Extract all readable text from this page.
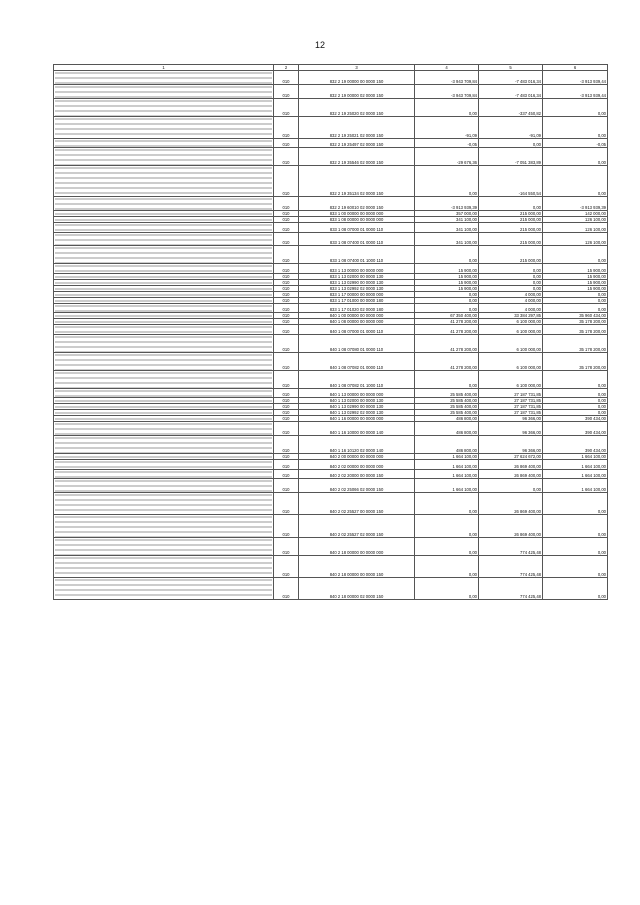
12
1	2	3	4	5	6

	010	832 2 19 00000 00 0000 150	-3 943 709,84	-7 483 016,34	-3 913 939,44

	010	832 2 19 00000 02 0000 150	-3 943 709,84	-7 483 016,34	-3 913 939,44

	010	832 2 19 25020 02 0000 150	0,00	-337 450,82	0,00

	010	832 2 19 25021 02 0000 150	-91,09	-91,09	0,00

	010	832 2 19 25497 02 0000 150	-0,05	0,00	-0,05

	010	832 2 19 35546 02 0000 150	-29 676,36	-7 051 383,89	0,00

	010	832 2 19 35134 02 0000 150	0,00	-164 550,54	0,00

	010	832 2 19 60010 02 0000 150	-3 913 939,39	0,00	-3 913 939,39

	010	833 1 00 00000 00 0000 000	357 000,00	215 000,00	142 000,00

	010	833 1 08 00000 00 0000 000	341 100,00	215 000,00	126 100,00

	010	833 1 08 07000 01 0000 110	341 100,00	215 000,00	126 100,00

	010	833 1 08 07400 01 0000 110	341 100,00	215 000,00	126 100,00

	010	833 1 08 07400 01 1000 110	0,00	215 000,00	0,00

	010	833 1 13 00000 00 0000 000	15 900,00	0,00	15 900,00

	010	833 1 13 02000 00 0000 130	15 900,00	0,00	15 900,00

	010	833 1 13 02990 00 0000 130	15 900,00	0,00	15 900,00

	010	833 1 13 02992 02 0000 130	15 900,00	0,00	15 900,00

	010	833 1 17 00000 00 0000 000	0,00	4 000,00	0,00

	010	833 1 17 01000 00 0000 180	0,00	4 000,00	0,00

	010	833 1 17 01020 02 0000 180	0,00	4 000,00	0,00

	010	840 1 00 00000 00 0000 000	67 350 400,00	33 384 297,85	35 960 434,00

	010	840 1 08 00000 00 0000 000	41 278 200,00	6 100 000,00	35 178 200,00

	010	840 1 08 07000 01 0000 110	41 278 200,00	6 100 000,00	35 178 200,00

	010	840 1 08 07080 01 0000 110	41 278 200,00	6 100 000,00	35 178 200,00

	010	840 1 08 07082 01 0000 110	41 278 200,00	6 100 000,00	35 178 200,00

	010	840 1 08 07082 01 1000 110	0,00	6 100 000,00	0,00

	010	840 1 13 00000 00 0000 000	25 585 400,00	27 187 731,85	0,00

	010	840 1 13 02000 00 0000 130	25 585 400,00	27 187 731,85	0,00

	010	840 1 13 02990 00 0000 130	25 585 400,00	27 187 731,85	0,00

	010	840 1 13 02992 02 0000 130	25 585 400,00	27 187 731,85	0,00

	010	840 1 16 00000 00 0000 000	486 800,00	96 366,00	390 434,00

	010	840 1 16 10000 00 0000 140	486 800,00	96 366,00	390 434,00

	010	840 1 16 10120 02 0000 140	486 800,00	96 366,00	390 434,00

	010	840 2 00 00000 00 0000 000	1 664 100,00	27 624 672,00	1 664 100,00

	010	840 2 02 00000 00 0000 000	1 664 100,00	26 869 400,00	1 664 100,00

	010	840 2 02 20000 00 0000 150	1 664 100,00	26 869 400,00	1 664 100,00

	010	840 2 02 25066 02 0000 150	1 664 100,00	0,00	1 664 100,00

	010	840 2 02 25527 00 0000 150	0,00	26 869 400,00	0,00

	010	840 2 02 25527 02 0000 150	0,00	26 869 400,00	0,00

	010	840 2 18 00000 00 0000 000	0,00	774 425,48	0,00

	010	840 2 18 00000 00 0000 150	0,00	774 425,48	0,00

	010	840 2 18 00000 02 0000 150	0,00	774 425,48	0,00
